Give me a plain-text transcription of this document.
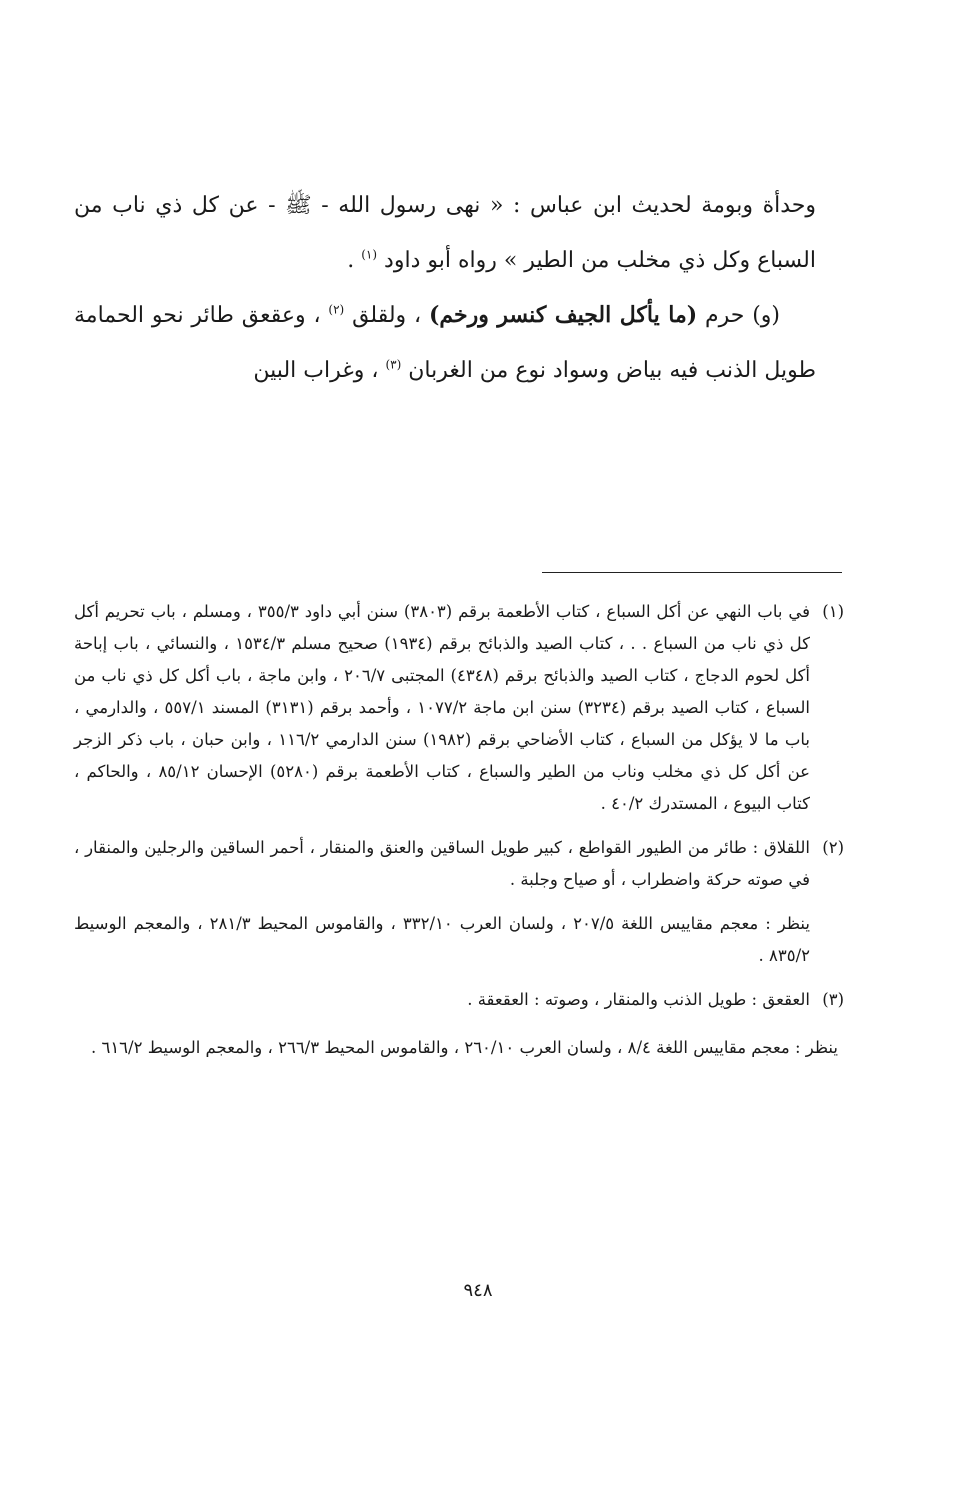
وحدأة وبومة لحديث ابن عباس : « نهى رسول الله - ﷺ - عن كل ذي ناب من السباع وكل ذي مخلب من الطير » رواه أبو داود $^{(١)}$ .

(و) حرم (ما يأكل الجيف كنسر ورخم) ، ولقلق $^{(٢)}$ ، وعقعق طائر نحو الحمامة طويل الذنب فيه بياض وسواد نوع من الغربان $^{(٣)}$ ، وغراب البين

(١)
في باب النهي عن أكل السباع ، كتاب الأطعمة برقم (٣٨٠٣) سنن أبي داود ٣٥٥/٣ ، ومسلم ، باب تحريم أكل كل ذي ناب من السباع . . ، كتاب الصيد والذبائح برقم (١٩٣٤) صحيح مسلم ١٥٣٤/٣ ، والنسائي ، باب إباحة أكل لحوم الدجاج ، كتاب الصيد والذبائح برقم (٤٣٤٨) المجتبى ٢٠٦/٧ ، وابن ماجة ، باب أكل كل ذي ناب من السباع ، كتاب الصيد برقم (٣٢٣٤) سنن ابن ماجة ١٠٧٧/٢ ، وأحمد برقم (٣١٣١) المسند ٥٥٧/١ ، والدارمي ، باب ما لا يؤكل من السباع ، كتاب الأضاحي برقم (١٩٨٢) سنن الدارمي ١١٦/٢ ، وابن حبان ، باب ذكر الزجر عن أكل كل ذي مخلب وناب من الطير والسباع ، كتاب الأطعمة برقم (٥٢٨٠) الإحسان ٨٥/١٢ ، والحاكم ، كتاب البيوع ، المستدرك ٤٠/٢ .

(٢)
اللقلاق : طائر من الطيور القواطع ، كبير طويل الساقين والعنق والمنقار ، أحمر الساقين والرجلين والمنقار ، في صوته حركة واضطراب ، أو صياح وجلبة .

ينظر : معجم مقاييس اللغة ٢٠٧/٥ ، ولسان العرب ٣٣٢/١٠ ، والقاموس المحيط ٢٨١/٣ ، والمعجم الوسيط ٨٣٥/٢ .

(٣)
العقعق : طويل الذنب والمنقار ، وصوته : العقعقة .

ينظر : معجم مقاييس اللغة ٨/٤ ، ولسان العرب ٢٦٠/١٠ ، والقاموس المحيط ٢٦٦/٣ ، والمعجم الوسيط ٦١٦/٢ .

٩٤٨
